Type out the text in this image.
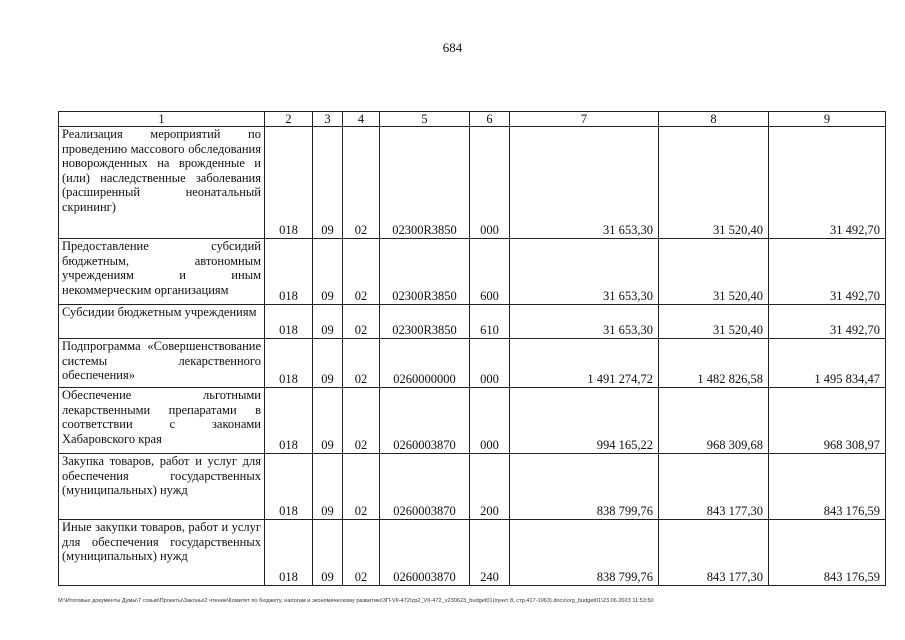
684
1	2	3	4	5	6	7	8	9

Реализация мероприятий по проведению массового обследования новорожденных на врожденные и (или) наследственные заболевания (расширенный неонатальный скрининг)	018	09	02	02300R3850	000	31 653,30	31 520,40	31 492,70

Предоставление субсидий бюджетным, автономным учреждениям и иным некоммерческим организациям	018	09	02	02300R3850	600	31 653,30	31 520,40	31 492,70

Субсидии бюджетным учреждениям	018	09	02	02300R3850	610	31 653,30	31 520,40	31 492,70

Подпрограмма «Совершенствование системы лекарственного обеспечения»	018	09	02	0260000000	000	1 491 274,72	1 482 826,58	1 495 834,47

Обеспечение льготными лекарственными препаратами в соответствии с законами Хабаровского края	018	09	02	0260003870	000	994 165,22	968 309,68	968 308,97

Закупка товаров, работ и услуг для обеспечения государственных (муниципальных) нужд	018	09	02	0260003870	200	838 799,76	843 177,30	843 176,59

Иные закупки товаров, работ и услуг для обеспечения государственных (муниципальных) нужд	018	09	02	0260003870	240	838 799,76	843 177,30	843 176,59
M:\Итоговые документы Думы\7 созыв\Проекты\Законы\2 чтение\Комитет по бюджету, налогам и экономическому развитию\ЗП-VII-472\zp2_VII-472_v230623_budget01(пункт 8, стр.417-1063).docx\org_budget01\23.06.2023 11:53:50
